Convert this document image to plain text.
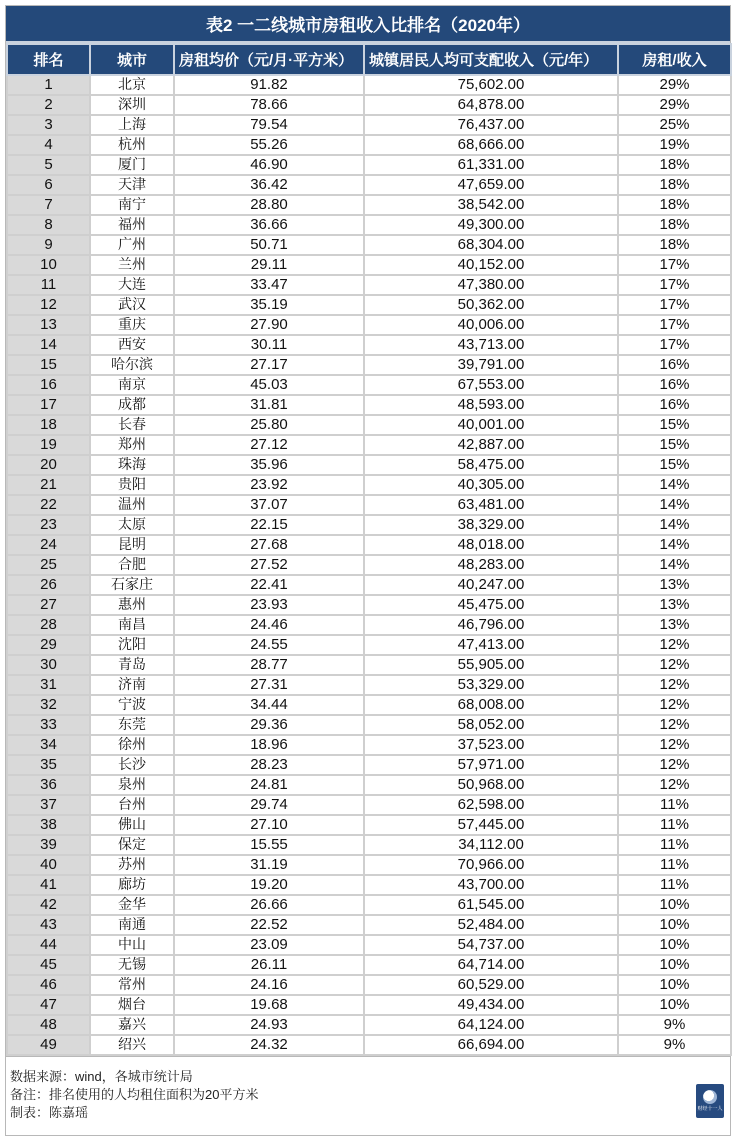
表2 一二线城市房租收入比排名（2020年）
排名	城市	房租均价（元/月·平方米）	城镇居民人均可支配收入（元/年）	房租/收入
1	北京	91.82	75,602.00	29%
2	深圳	78.66	64,878.00	29%
3	上海	79.54	76,437.00	25%
4	杭州	55.26	68,666.00	19%
5	厦门	46.90	61,331.00	18%
6	天津	36.42	47,659.00	18%
7	南宁	28.80	38,542.00	18%
8	福州	36.66	49,300.00	18%
9	广州	50.71	68,304.00	18%
10	兰州	29.11	40,152.00	17%
11	大连	33.47	47,380.00	17%
12	武汉	35.19	50,362.00	17%
13	重庆	27.90	40,006.00	17%
14	西安	30.11	43,713.00	17%
15	哈尔滨	27.17	39,791.00	16%
16	南京	45.03	67,553.00	16%
17	成都	31.81	48,593.00	16%
18	长春	25.80	40,001.00	15%
19	郑州	27.12	42,887.00	15%
20	珠海	35.96	58,475.00	15%
21	贵阳	23.92	40,305.00	14%
22	温州	37.07	63,481.00	14%
23	太原	22.15	38,329.00	14%
24	昆明	27.68	48,018.00	14%
25	合肥	27.52	48,283.00	14%
26	石家庄	22.41	40,247.00	13%
27	惠州	23.93	45,475.00	13%
28	南昌	24.46	46,796.00	13%
29	沈阳	24.55	47,413.00	12%
30	青岛	28.77	55,905.00	12%
31	济南	27.31	53,329.00	12%
32	宁波	34.44	68,008.00	12%
33	东莞	29.36	58,052.00	12%
34	徐州	18.96	37,523.00	12%
35	长沙	28.23	57,971.00	12%
36	泉州	24.81	50,968.00	12%
37	台州	29.74	62,598.00	11%
38	佛山	27.10	57,445.00	11%
39	保定	15.55	34,112.00	11%
40	苏州	31.19	70,966.00	11%
41	廊坊	19.20	43,700.00	11%
42	金华	26.66	61,545.00	10%
43	南通	22.52	52,484.00	10%
44	中山	23.09	54,737.00	10%
45	无锡	26.11	64,714.00	10%
46	常州	24.16	60,529.00	10%
47	烟台	19.68	49,434.00	10%
48	嘉兴	24.93	64,124.00	9%
49	绍兴	24.32	66,694.00	9%
数据来源：wind，各城市统计局
备注：排名使用的人均租住面积为20平方米
制表：陈嘉瑶	财经十一人
